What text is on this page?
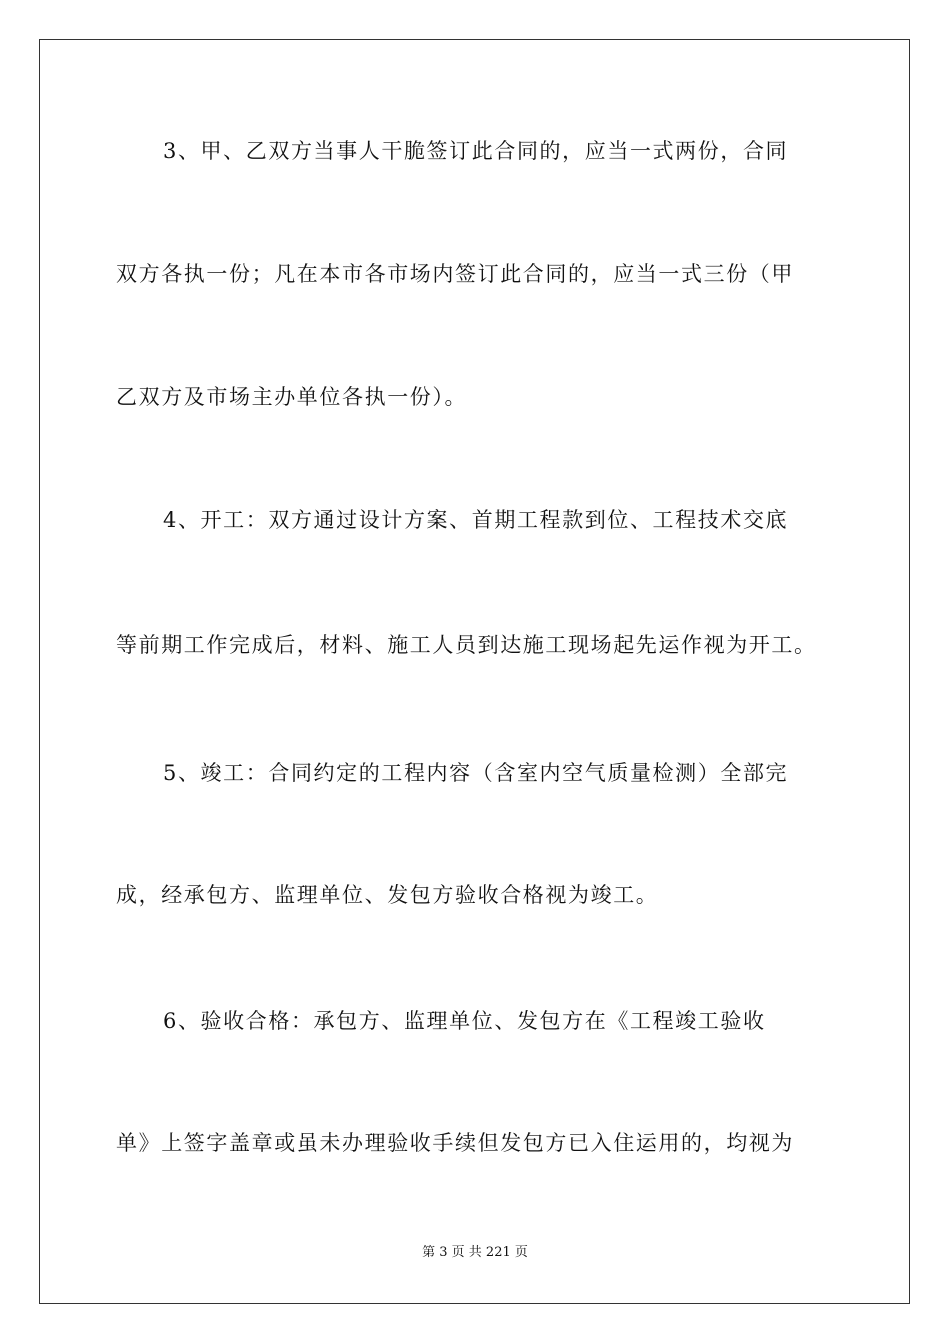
3、甲、乙双方当事人干脆签订此合同的，应当一式两份，合同
双方各执一份；凡在本市各市场内签订此合同的，应当一式三份（甲
乙双方及市场主办单位各执一份）。
4、开工：双方通过设计方案、首期工程款到位、工程技术交底
等前期工作完成后，材料、施工人员到达施工现场起先运作视为开工。
5、竣工：合同约定的工程内容（含室内空气质量检测）全部完
成，经承包方、监理单位、发包方验收合格视为竣工。
6、验收合格：承包方、监理单位、发包方在《工程竣工验收
单》上签字盖章或虽未办理验收手续但发包方已入住运用的，均视为
第 3 页 共 221 页
